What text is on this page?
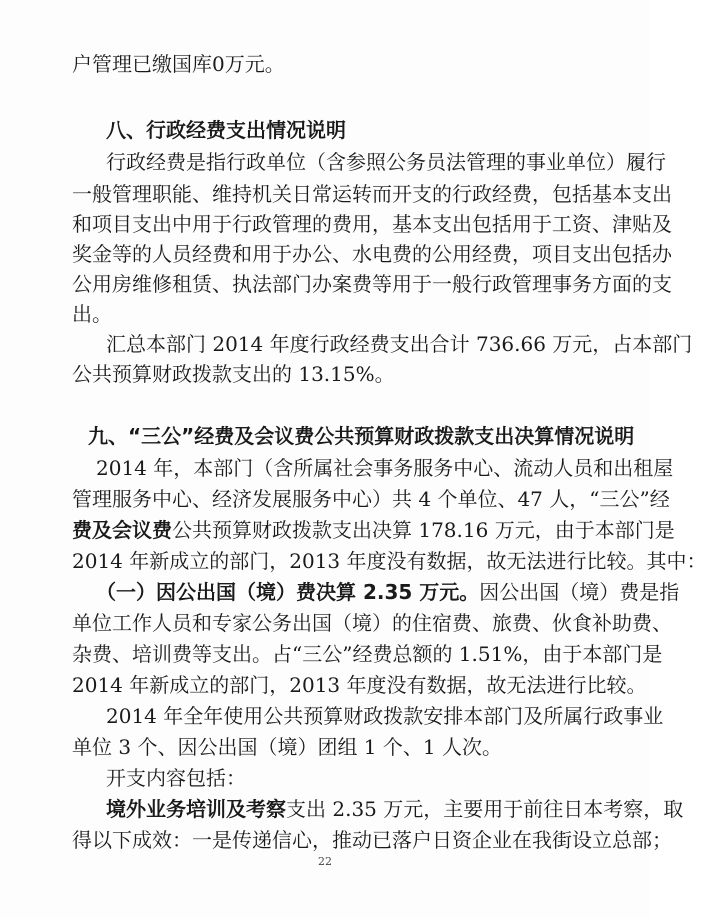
户管理已缴国库0万元。
八、行政经费支出情况说明
行政经费是指行政单位（含参照公务员法管理的事业单位）履行
一般管理职能、维持机关日常运转而开支的行政经费，包括基本支出
和项目支出中用于行政管理的费用，基本支出包括用于工资、津贴及
奖金等的人员经费和用于办公、水电费的公用经费，项目支出包括办
公用房维修租赁、执法部门办案费等用于一般行政管理事务方面的支
出。
汇总本部门 2014 年度行政经费支出合计 736.66 万元，占本部门
公共预算财政拨款支出的 13.15%。
九、“三公”经费及会议费公共预算财政拨款支出决算情况说明
2014 年，本部门（含所属社会事务服务中心、流动人员和出租屋
管理服务中心、经济发展服务中心）共 4 个单位、47 人，“三公”经
费及会议费公共预算财政拨款支出决算 178.16 万元，由于本部门是
2014 年新成立的部门，2013 年度没有数据，故无法进行比较。其中：
（一）因公出国（境）费决算 2.35 万元。因公出国（境）费是指
单位工作人员和专家公务出国（境）的住宿费、旅费、伙食补助费、
杂费、培训费等支出。占“三公”经费总额的 1.51%，由于本部门是
2014 年新成立的部门，2013 年度没有数据，故无法进行比较。
2014 年全年使用公共预算财政拨款安排本部门及所属行政事业
单位 3 个、因公出国（境）团组 1 个、1 人次。
开支内容包括：
境外业务培训及考察支出 2.35 万元，主要用于前往日本考察，取
得以下成效：一是传递信心，推动已落户日资企业在我街设立总部；
22
